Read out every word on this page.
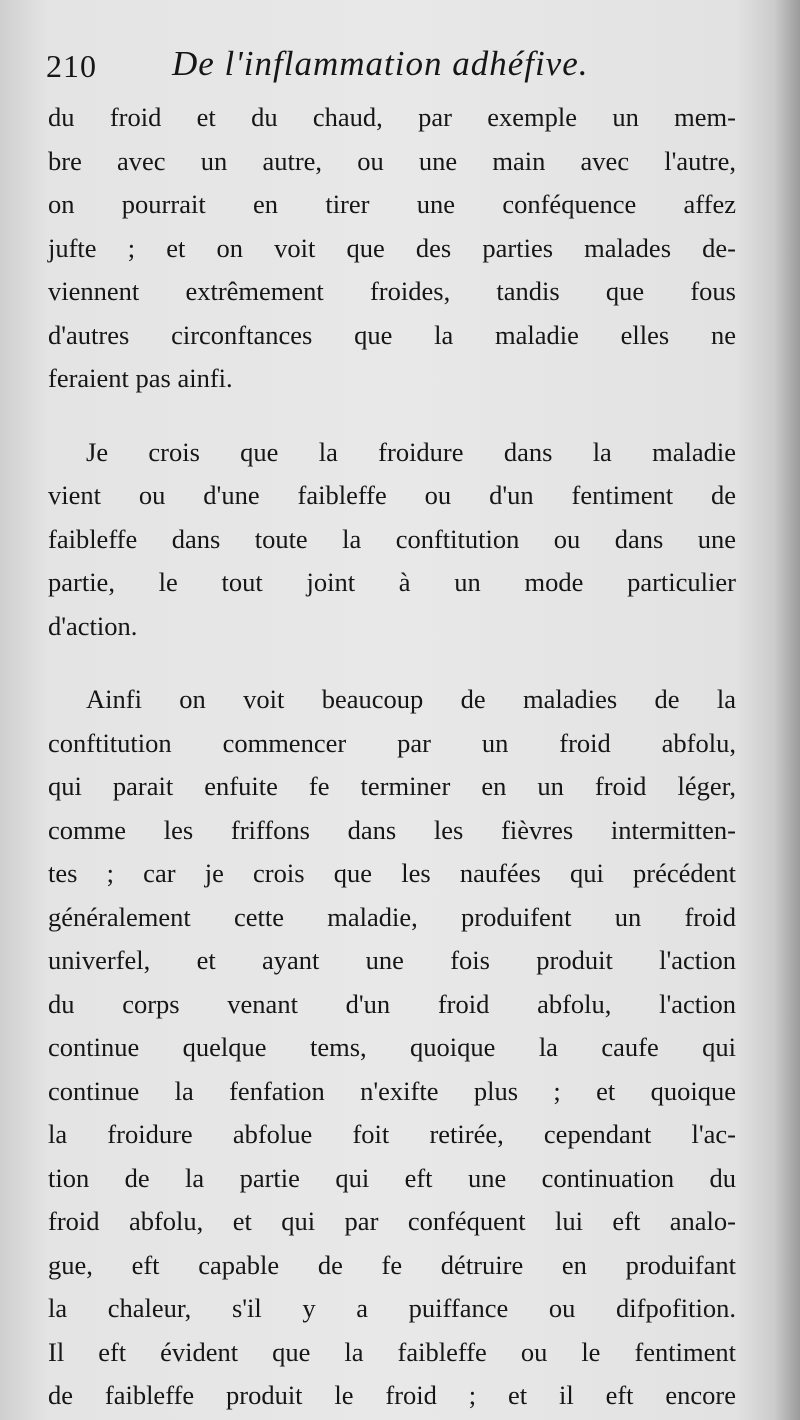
210 De l'inflammation adhéfive.
du froid et du chaud, par exemple un mem-
bre avec un autre, ou une main avec l'autre,
on pourrait en tirer une conféquence affez
jufte ; et on voit que des parties malades de-
viennent extrêmement froides, tandis que fous
d'autres circonftances que la maladie elles ne
feraient pas ainfi.
Je crois que la froidure dans la maladie
vient ou d'une faibleffe ou d'un fentiment de
faibleffe dans toute la conftitution ou dans une
partie, le tout joint à un mode particulier
d'action.
Ainfi on voit beaucoup de maladies de la
conftitution commencer par un froid abfolu,
qui parait enfuite fe terminer en un froid léger,
comme les friffons dans les fièvres intermitten-
tes ; car je crois que les naufées qui précédent
généralement cette maladie, produifent un froid
univerfel, et ayant une fois produit l'action
du corps venant d'un froid abfolu, l'action
continue quelque tems, quoique la caufe qui
continue la fenfation n'exifte plus ; et quoique
la froidure abfolue foit retirée, cependant l'ac-
tion de la partie qui eft une continuation du
froid abfolu, et qui par conféquent lui eft analo-
gue, eft capable de fe détruire en produifant
la chaleur, s'il y a puiffance ou difpofition.
Il eft évident que la faibleffe ou le fentiment
de faibleffe produit le froid ; et il eft encore
